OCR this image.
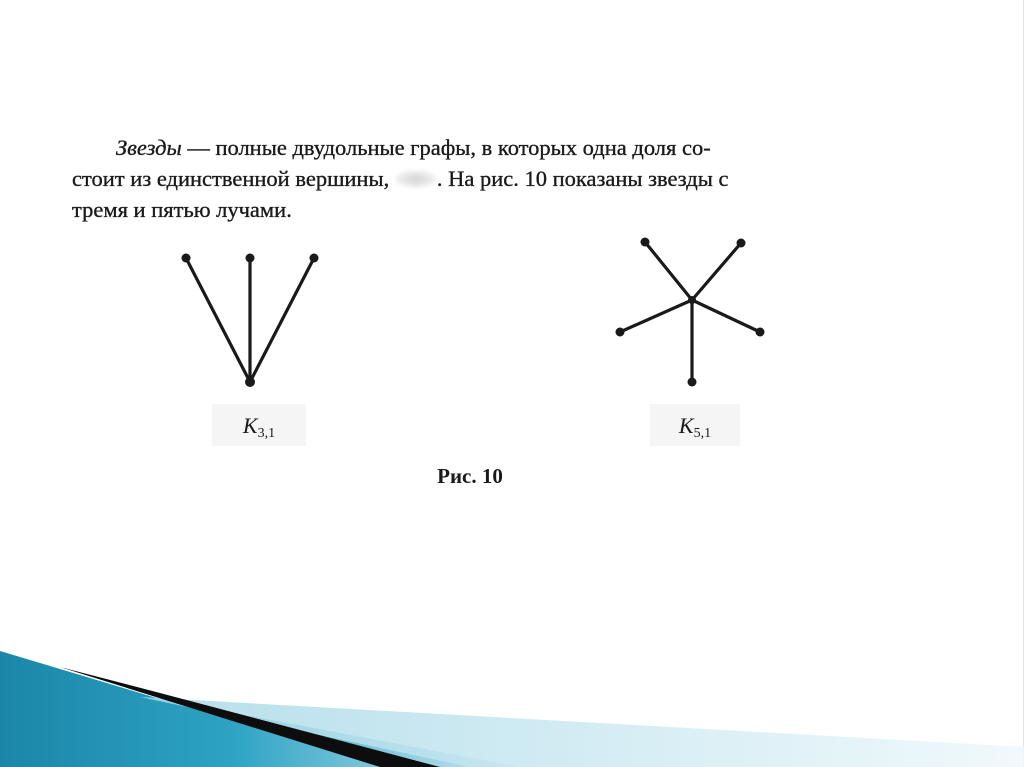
Звезды — полные двудольные графы, в которых одна доля со-
стоит из единственной вершины, . На рис. 10 показаны звезды с
тремя и пятью лучами.
$K_{3,1}$	$K_{5,1}$
Рис. 10
